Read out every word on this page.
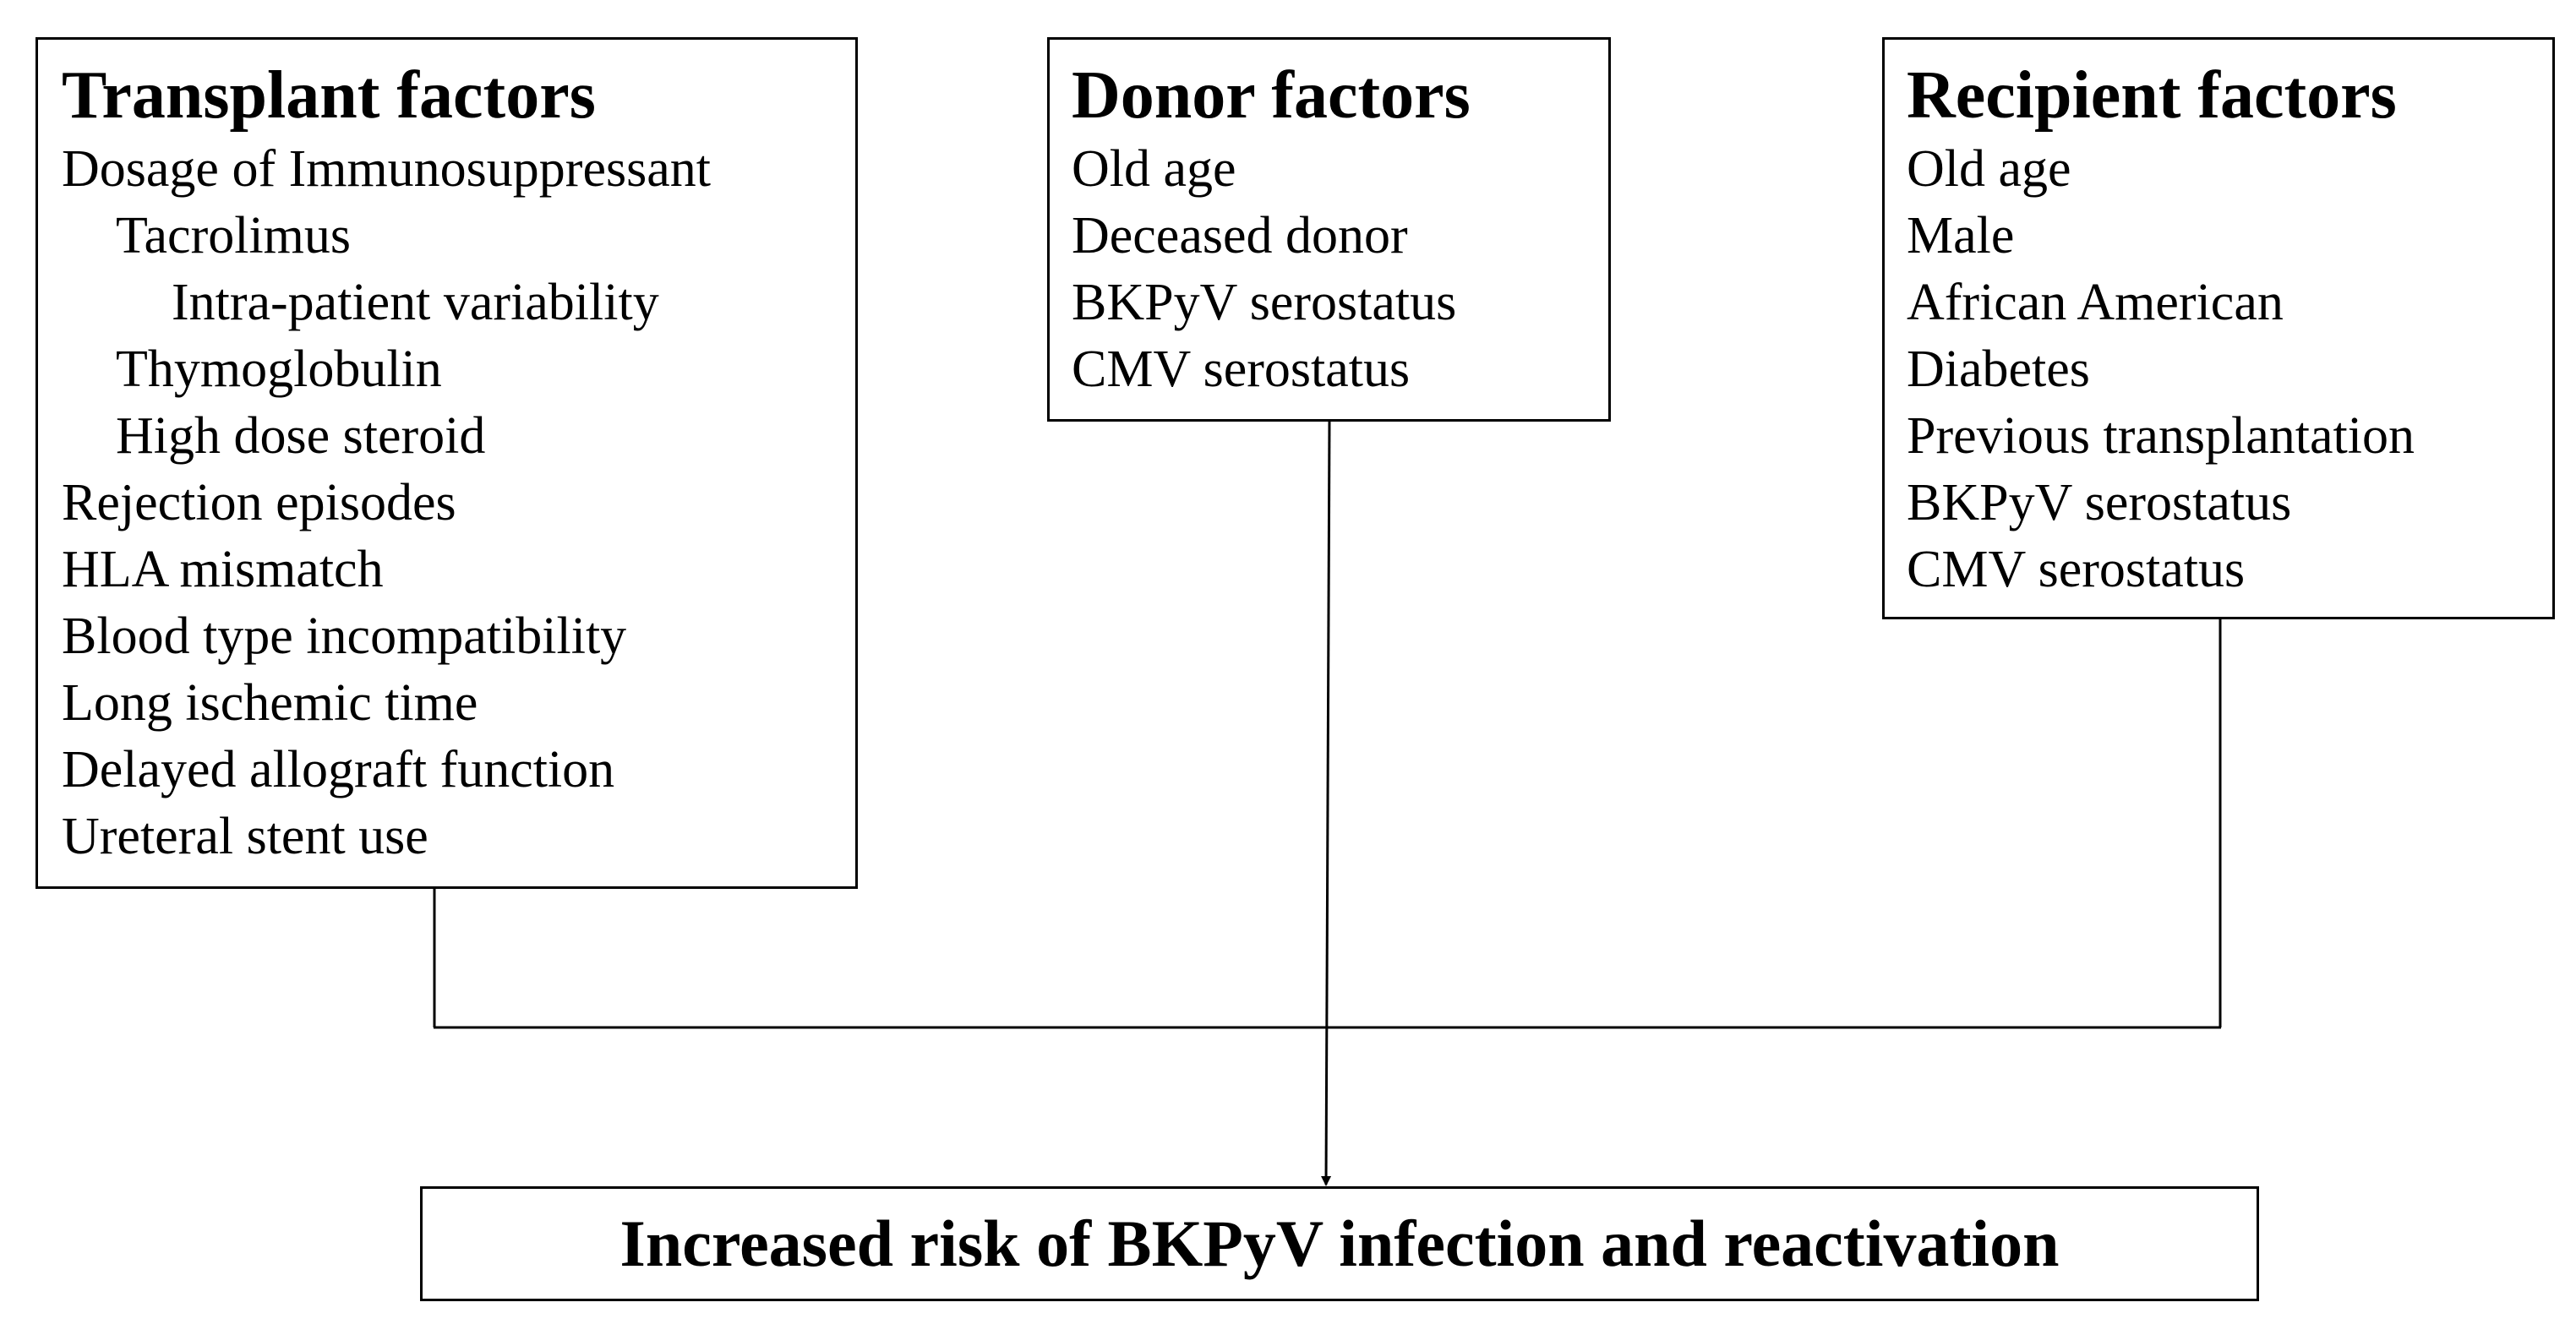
Transplant factors
Dosage of Immunosuppressant
Tacrolimus
Intra-patient variability
Thymoglobulin
High dose steroid
Rejection episodes
HLA mismatch
Blood type incompatibility
Long ischemic time
Delayed allograft function
Ureteral stent use
Donor factors
Old age
Deceased donor
BKPyV serostatus
CMV serostatus
Recipient factors
Old age
Male
African American
Diabetes
Previous transplantation
BKPyV serostatus
CMV serostatus
Increased risk of BKPyV infection and reactivation
